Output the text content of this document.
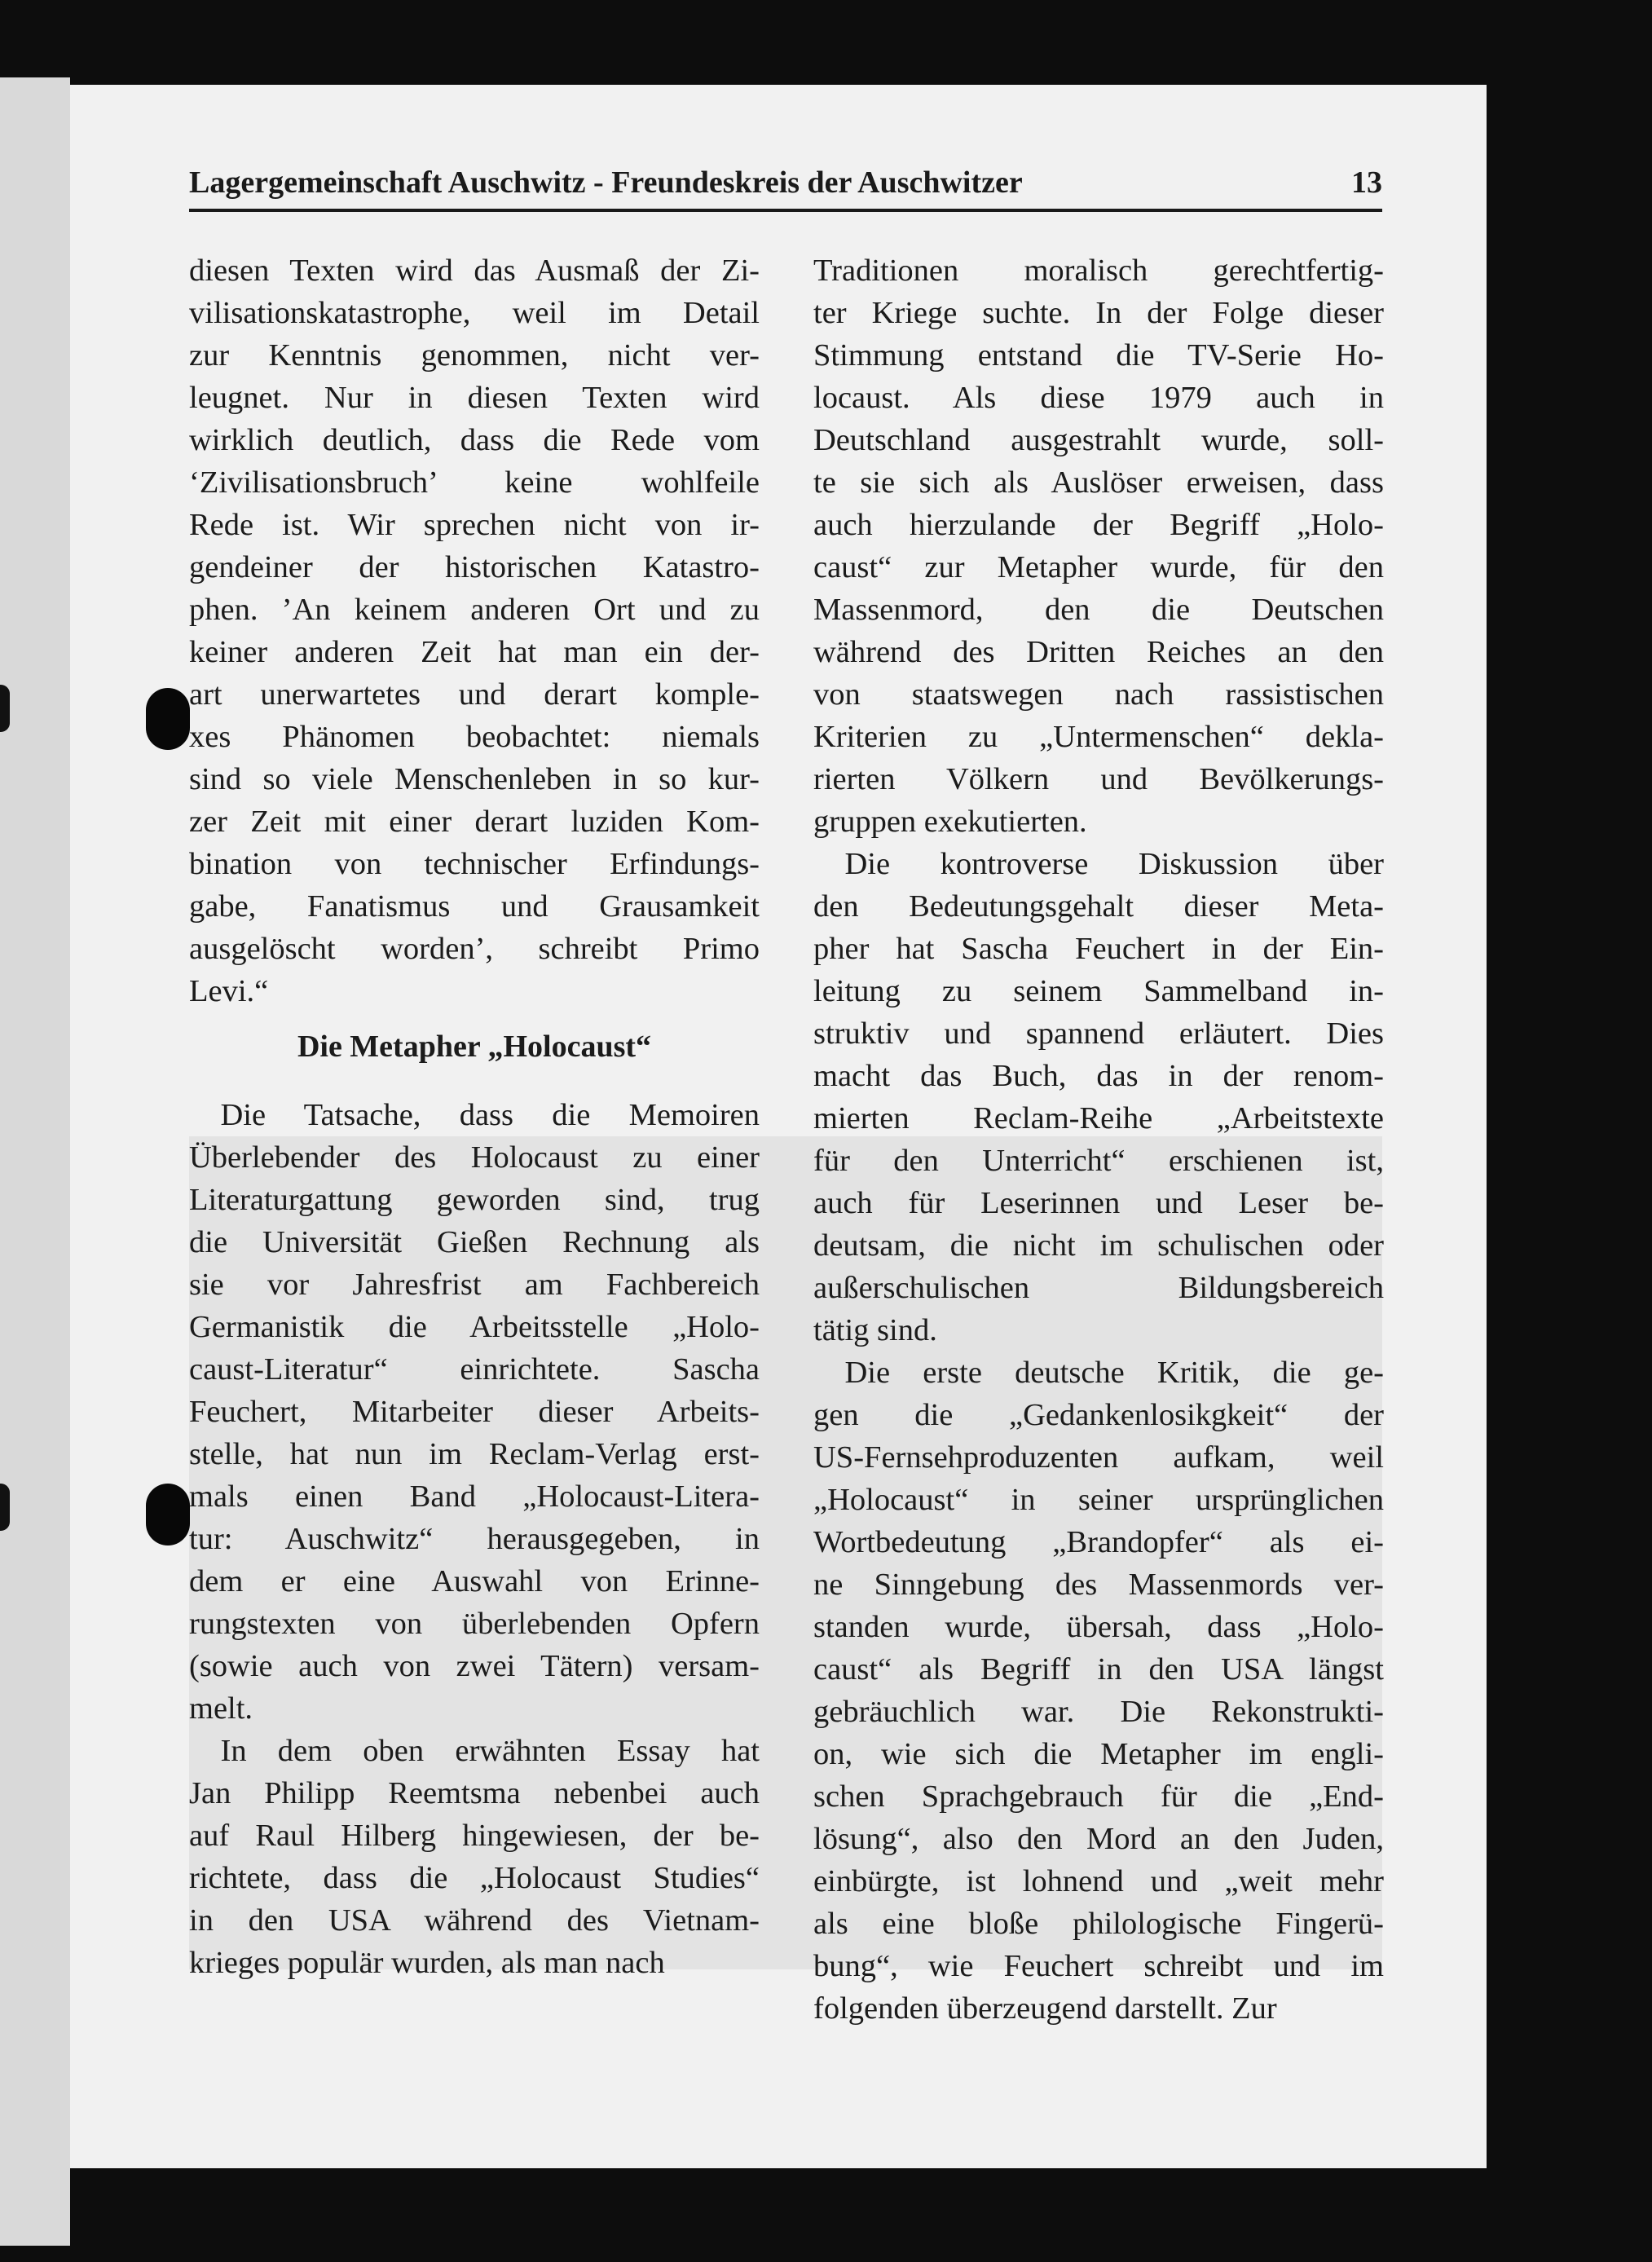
Lagergemeinschaft Auschwitz - Freundeskreis der Auschwitzer	13
diesen Texten wird das Ausmaß der Zi-
vilisationskatastrophe, weil im Detail
zur Kenntnis genommen, nicht ver-
leugnet. Nur in diesen Texten wird
wirklich deutlich, dass die Rede vom
‘Zivilisationsbruch’ keine wohlfeile
Rede ist. Wir sprechen nicht von ir-
gendeiner der historischen Katastro-
phen. ’An keinem anderen Ort und zu
keiner anderen Zeit hat man ein der-
art unerwartetes und derart komple-
xes Phänomen beobachtet: niemals
sind so viele Menschenleben in so kur-
zer Zeit mit einer derart luziden Kom-
bination von technischer Erfindungs-
gabe, Fanatismus und Grausamkeit
ausgelöscht worden’, schreibt Primo
Levi.“
Die Metapher „Holocaust“
Die Tatsache, dass die Memoiren
Überlebender des Holocaust zu einer
Literaturgattung geworden sind, trug
die Universität Gießen Rechnung als
sie vor Jahresfrist am Fachbereich
Germanistik die Arbeitsstelle „Holo-
caust-Literatur“ einrichtete. Sascha
Feuchert, Mitarbeiter dieser Arbeits-
stelle, hat nun im Reclam-Verlag erst-
mals einen Band „Holocaust-Litera-
tur: Auschwitz“ herausgegeben, in
dem er eine Auswahl von Erinne-
rungstexten von überlebenden Opfern
(sowie auch von zwei Tätern) versam-
melt.
In dem oben erwähnten Essay hat
Jan Philipp Reemtsma nebenbei auch
auf Raul Hilberg hingewiesen, der be-
richtete, dass die „Holocaust Studies“
in den USA während des Vietnam-
krieges populär wurden, als man nach
Traditionen moralisch gerechtfertig-
ter Kriege suchte. In der Folge dieser
Stimmung entstand die TV-Serie Ho-
locaust. Als diese 1979 auch in
Deutschland ausgestrahlt wurde, soll-
te sie sich als Auslöser erweisen, dass
auch hierzulande der Begriff „Holo-
caust“ zur Metapher wurde, für den
Massenmord, den die Deutschen
während des Dritten Reiches an den
von staatswegen nach rassistischen
Kriterien zu „Untermenschen“ dekla-
rierten Völkern und Bevölkerungs-
gruppen exekutierten.
Die kontroverse Diskussion über
den Bedeutungsgehalt dieser Meta-
pher hat Sascha Feuchert in der Ein-
leitung zu seinem Sammelband in-
struktiv und spannend erläutert. Dies
macht das Buch, das in der renom-
mierten Reclam-Reihe „Arbeitstexte
für den Unterricht“ erschienen ist,
auch für Leserinnen und Leser be-
deutsam, die nicht im schulischen oder
außerschulischen Bildungsbereich
tätig sind.
Die erste deutsche Kritik, die ge-
gen die „Gedankenlosikgkeit“ der
US-Fernsehproduzenten aufkam, weil
„Holocaust“ in seiner ursprünglichen
Wortbedeutung „Brandopfer“ als ei-
ne Sinngebung des Massenmords ver-
standen wurde, übersah, dass „Holo-
caust“ als Begriff in den USA längst
gebräuchlich war. Die Rekonstrukti-
on, wie sich die Metapher im engli-
schen Sprachgebrauch für die „End-
lösung“, also den Mord an den Juden,
einbürgte, ist lohnend und „weit mehr
als eine bloße philologische Fingerü-
bung“, wie Feuchert schreibt und im
folgenden überzeugend darstellt. Zur
